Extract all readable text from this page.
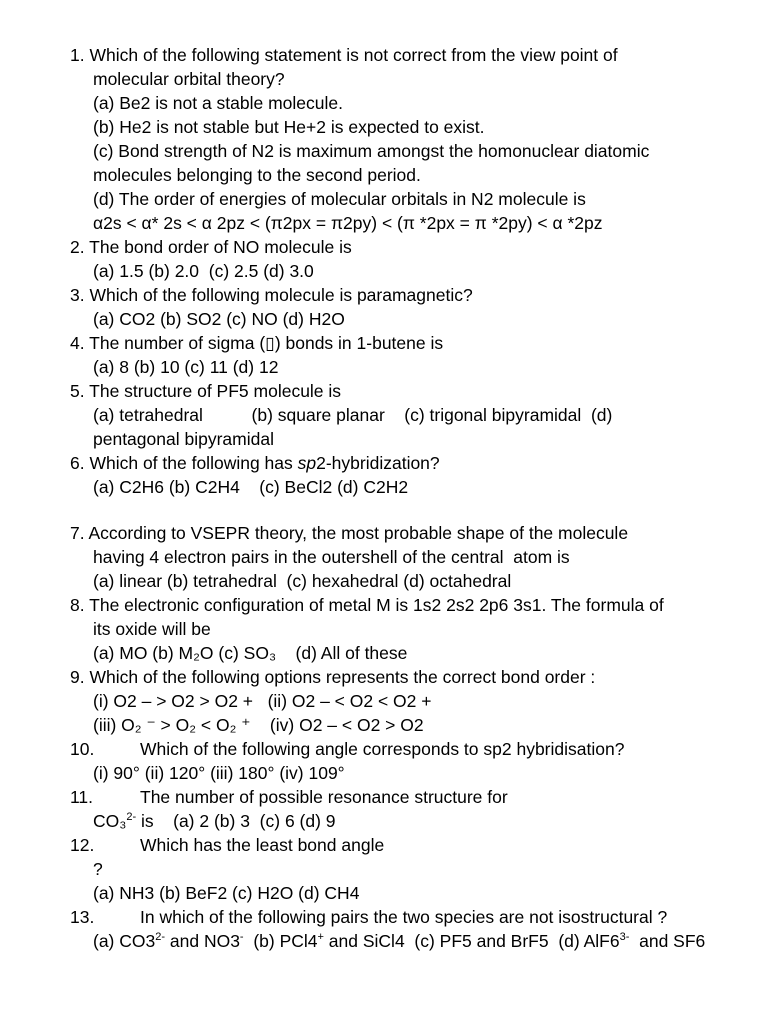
1. Which of the following statement is not correct from the view point of
molecular orbital theory?
(a) Be2 is not a stable molecule.
(b) He2 is not stable but He+2 is expected to exist.
(c) Bond strength of N2 is maximum amongst the homonuclear diatomic
molecules belonging to the second period.
(d) The order of energies of molecular orbitals in N2 molecule is
α2s < α* 2s < α 2pz < (π2px = π2py) < (π *2px = π *2py) < α *2pz
2. The bond order of NO molecule is
(a) 1.5 (b) 2.0  (c) 2.5 (d) 3.0
3. Which of the following molecule is paramagnetic?
(a) CO2 (b) SO2 (c) NO (d) H2O
4. The number of sigma (▯) bonds in 1-butene is
(a) 8 (b) 10 (c) 11 (d) 12
5. The structure of PF5 molecule is
(a) tetrahedral          (b) square planar    (c) trigonal bipyramidal  (d)
pentagonal bipyramidal
6. Which of the following has sp2-hybridization?
(a) C2H6 (b) C2H4    (c) BeCl2 (d) C2H2
7. According to VSEPR theory, the most probable shape of the molecule
having 4 electron pairs in the outershell of the central  atom is
(a) linear (b) tetrahedral  (c) hexahedral (d) octahedral
8. The electronic configuration of metal M is 1s2 2s2 2p6 3s1. The formula of
its oxide will be
(a) MO (b) M₂O (c) SO₃    (d) All of these
9. Which of the following options represents the correct bond order :
(i) O2 – > O2 > O2 +   (ii) O2 – < O2 < O2 +
(iii) O₂ ⁻ > O₂ < O₂ ⁺    (iv) O2 – < O2 > O2
10.	Which of the following angle corresponds to sp2 hybridisation?
(i) 90° (ii) 120° (iii) 180° (iv) 109°
11.	The number of possible resonance structure for
CO₃$^{2-}$ is    (a) 2 (b) 3  (c) 6 (d) 9
12.	Which has the least bond angle
?
(a) NH3 (b) BeF2 (c) H2O (d) CH4
13.	In which of the following pairs the two species are not isostructural ?
(a) $CO3^{2-}$ and NO3-  (b) PCl4+ and SiCl4  (c) PF5 and BrF5  (d) $AlF6^{3-}$  and SF6
